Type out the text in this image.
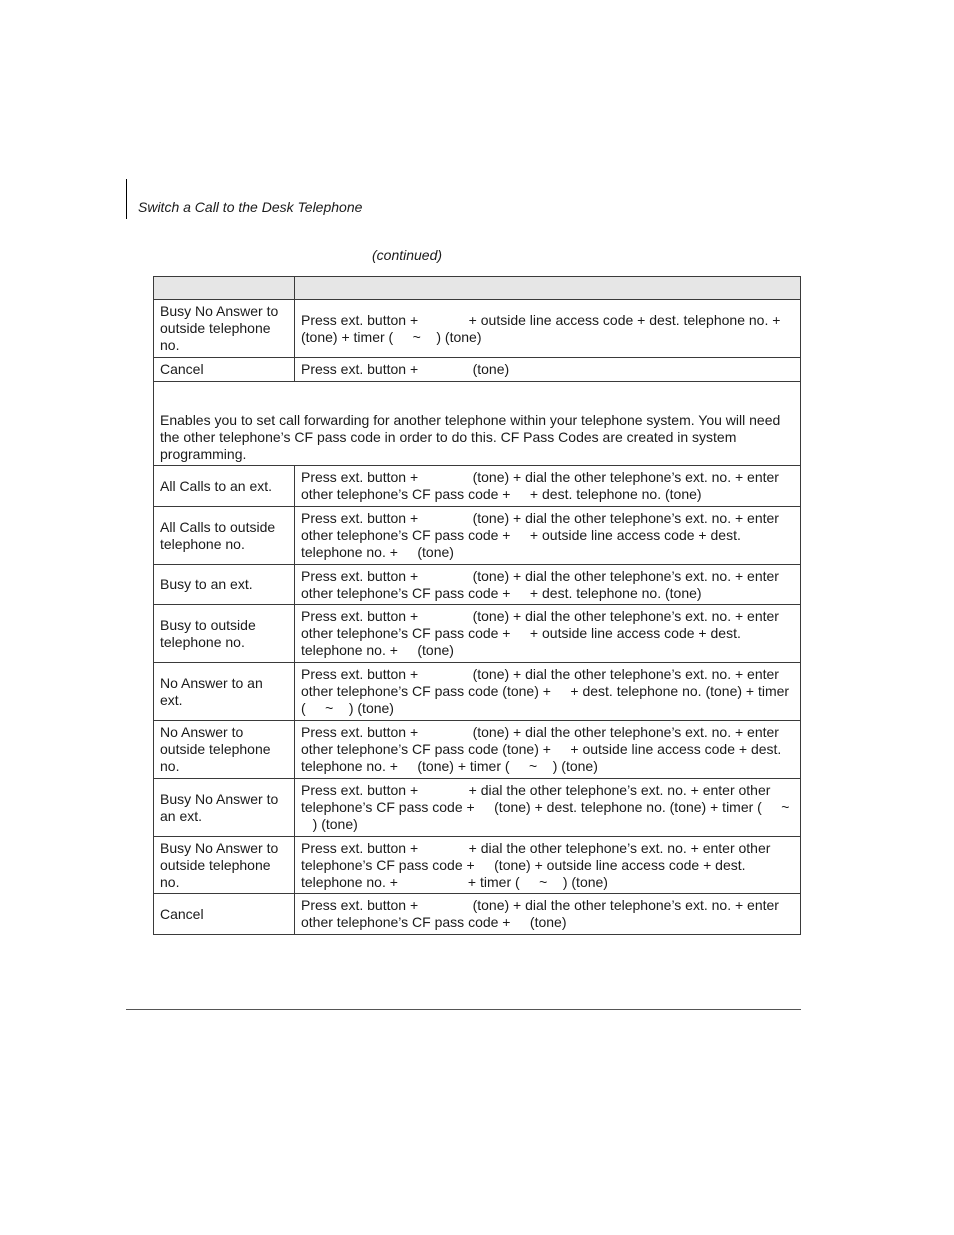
Switch a Call to the Desk Telephone
(continued)

Busy No Answer to outside telephone no.	Press ext. button +             + outside line access code + dest. telephone no. + (tone) + timer (     ~    ) (tone)
Cancel	Press ext. button +              (tone)
Enables you to set call forwarding for another telephone within your telephone system. You will need the other telephone’s CF pass code in order to do this. CF Pass Codes are created in system programming.	
All Calls to an ext.	Press ext. button +              (tone) + dial the other telephone’s ext. no. + enter other telephone’s CF pass code +     + dest. telephone no. (tone)
All Calls to outside telephone no.	Press ext. button +              (tone) + dial the other telephone’s ext. no. + enter other telephone’s CF pass code +     + outside line access code + dest. telephone no. +     (tone)
Busy to an ext.	Press ext. button +              (tone) + dial the other telephone’s ext. no. + enter other telephone’s CF pass code +     + dest. telephone no. (tone)
Busy to outside telephone no.	Press ext. button +              (tone) + dial the other telephone’s ext. no. + enter other telephone’s CF pass code +     + outside line access code + dest. telephone no. +     (tone)
No Answer to an ext.	Press ext. button +              (tone) + dial the other telephone’s ext. no. + enter other telephone’s CF pass code (tone) +     + dest. telephone no. (tone) + timer (     ~    ) (tone)
No Answer to outside telephone no.	Press ext. button +              (tone) + dial the other telephone’s ext. no. + enter other telephone’s CF pass code (tone) +     + outside line access code + dest. telephone no. +     (tone) + timer (     ~    ) (tone)
Busy No Answer to an ext.	Press ext. button +             + dial the other telephone’s ext. no. + enter other telephone’s CF pass code +     (tone) + dest. telephone no. (tone) + timer (     ~    ) (tone)
Busy No Answer to outside telephone no.	Press ext. button +             + dial the other telephone’s ext. no. + enter other telephone’s CF pass code +     (tone) + outside line access code + dest. telephone no. +                  + timer (     ~    ) (tone)
Cancel	Press ext. button +              (tone) + dial the other telephone’s ext. no. + enter other telephone’s CF pass code +     (tone)
